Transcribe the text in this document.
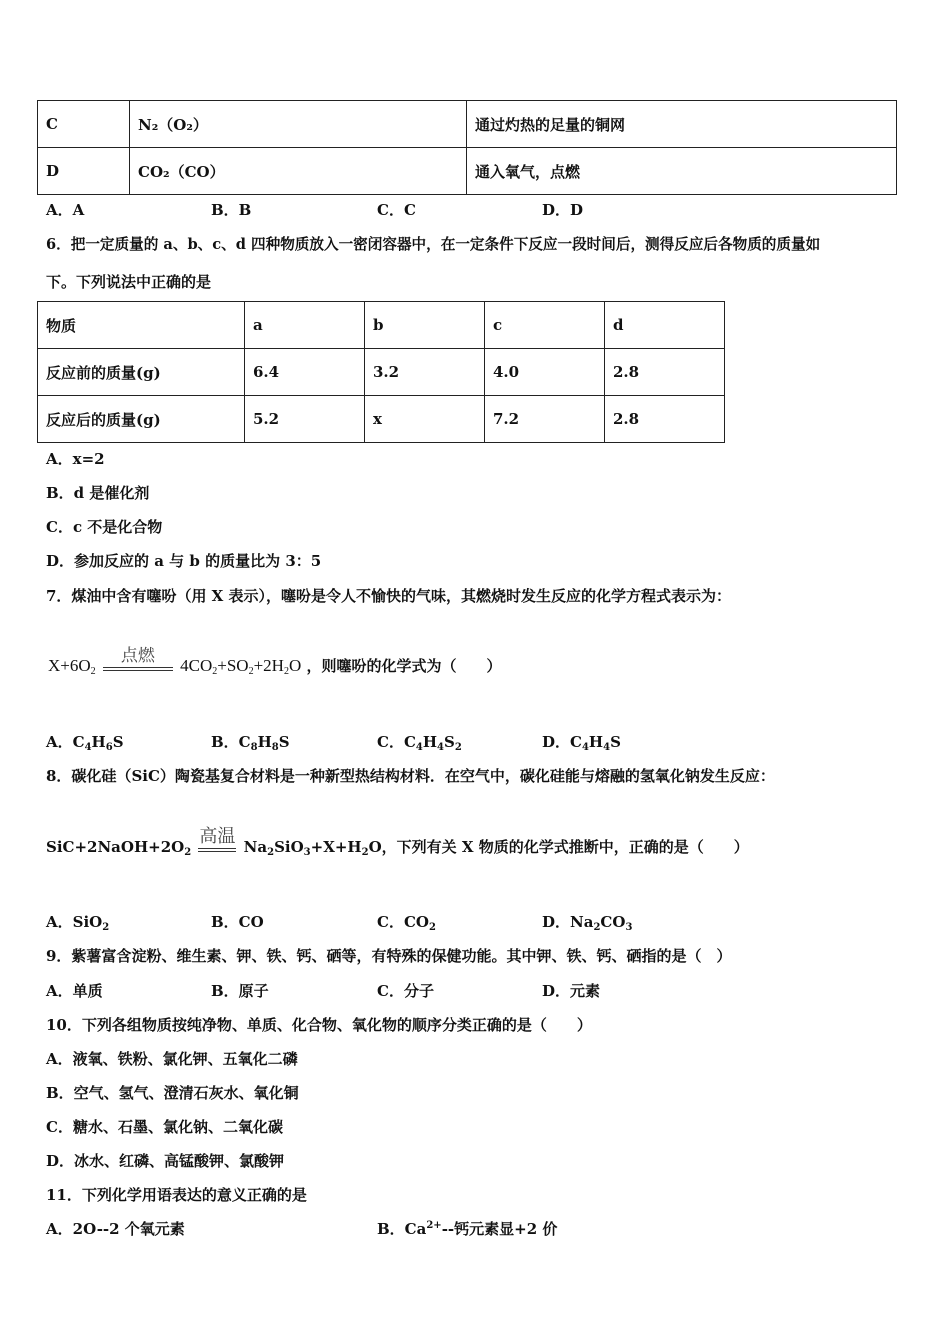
C	N₂（O₂）	通过灼热的足量的铜网
D	CO₂（CO）	通入氧气，点燃
A．A	B．B	C．C	D．D
6．把一定质量的 a、b、c、d 四种物质放入一密闭容器中，在一定条件下反应一段时间后，测得反应后各物质的质量如
下。下列说法中正确的是
物质	a	b	c	d
反应前的质量(g)	6.4	3.2	4.0	2.8
反应后的质量(g)	5.2	x	7.2	2.8
A．x=2
B．d 是催化剂
C．c 不是化合物
D．参加反应的 a 与 b 的质量比为 3：5
7．煤油中含有噻吩（用 X 表示），噻吩是令人不愉快的气味，其燃烧时发生反应的化学方程式表示为：
$X+6O_2$
点燃
$4CO_2+SO_2+2H_2O$ ，则噻吩的化学式为（　　）
A．$C_4H_6S$	B．$C_8H_8S$	C．$C_4H_4S_2$	D．$C_4H_4S$
8．碳化硅（SiC）陶瓷基复合材料是一种新型热结构材料．在空气中，碳化硅能与熔融的氢氧化钠发生反应：
$SiC+2NaOH+2O_2$
高温
$Na_2SiO_3+X+H_2O$，下列有关 X 物质的化学式推断中，正确的是（　　）
A．SiO$_2$	B．CO	C．$CO_2$	D．$Na_2CO_3$
9．紫薯富含淀粉、维生素、钾、铁、钙、硒等，有特殊的保健功能。其中钾、铁、钙、硒指的是（　）
A．单质	B．原子	C．分子	D．元素
10．下列各组物质按纯净物、单质、化合物、氧化物的顺序分类正确的是（　　）
A．液氧、铁粉、氯化钾、五氧化二磷
B．空气、氢气、澄清石灰水、氧化铜
C．糖水、石墨、氯化钠、二氧化碳
D．冰水、红磷、高锰酸钾、氯酸钾
11．下列化学用语表达的意义正确的是
A．2O--2 个氧元素	B．$Ca^{2+}--$钙元素显+2 价
